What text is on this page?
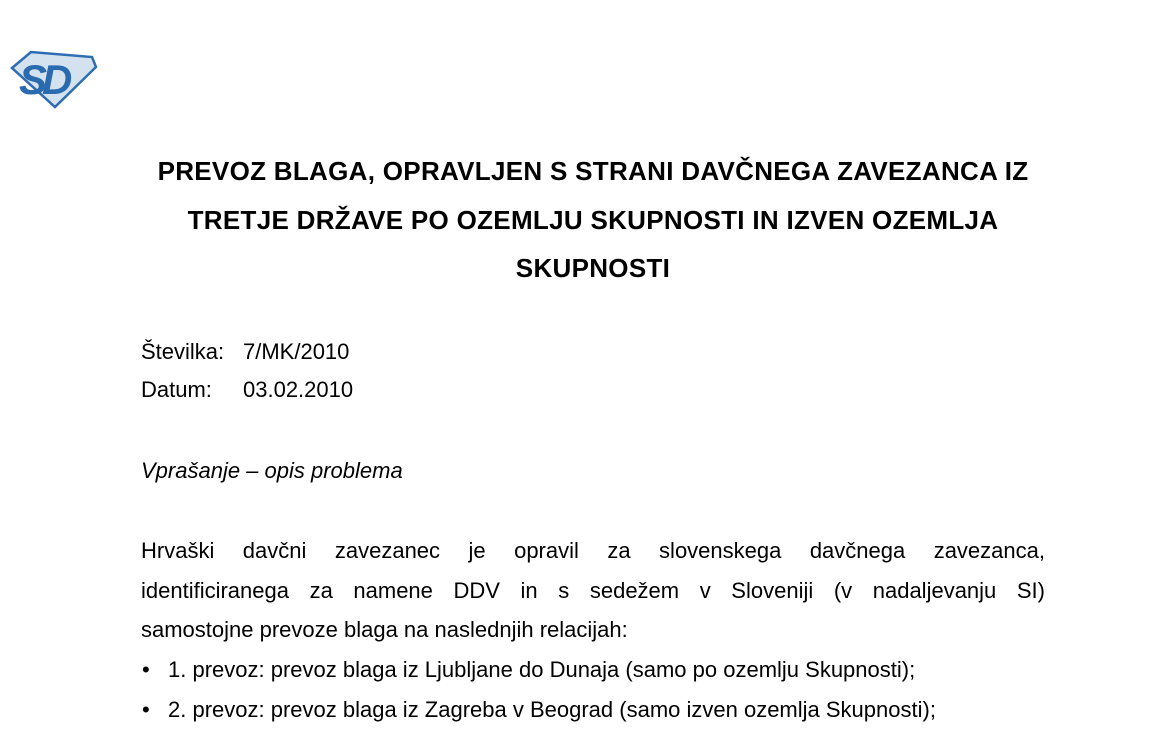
SD
PREVOZ BLAGA, OPRAVLJEN S STRANI DAVČNEGA ZAVEZANCA IZ
TRETJE DRŽAVE PO OZEMLJU SKUPNOSTI IN IZVEN OZEMLJA
SKUPNOSTI
Številka: 7/MK/2010
Datum:	03.02.2010
Vprašanje – opis problema
Hrvaški davčni zavezanec je opravil za slovenskega davčnega zavezanca,
identificiranega za namene DDV in s sedežem v Sloveniji (v nadaljevanju SI)
samostojne prevoze blaga na naslednjih relacijah:
• 1. prevoz: prevoz blaga iz Ljubljane do Dunaja (samo po ozemlju Skupnosti);
• 2. prevoz: prevoz blaga iz Zagreba v Beograd (samo izven ozemlja Skupnosti);
